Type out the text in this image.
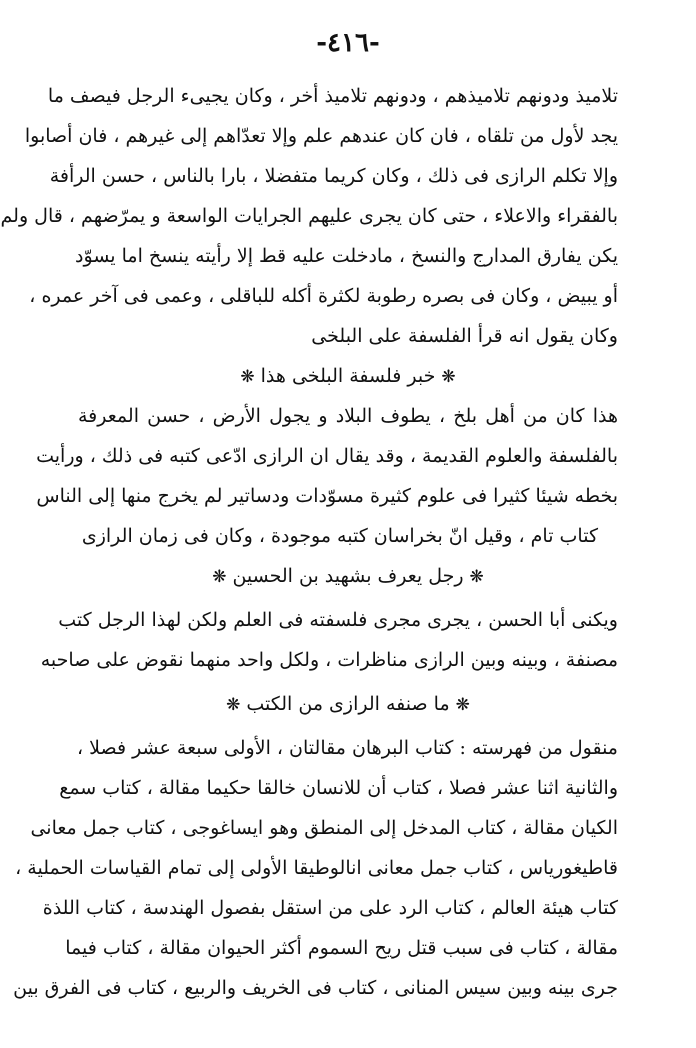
-٤١٦-
تلاميذ ودونهم تلاميذهم ، ودونهم تلاميذ أخر ، وكان يجيىء الرجل فيصف ما
يجد لأول من تلقاه ، فان كان عندهم علم وإلا تعدّاهم إلى غيرهم ، فان أصابوا
وإلا تكلم الرازى فى ذلك ، وكان كريما متفضلا ، بارا بالناس ، حسن الرأفة
بالفقراء والاعلاء ، حتى كان يجرى عليهم الجرايات الواسعة و يمرّضهم ، قال ولم
يكن يفارق المدارج والنسخ ، مادخلت عليه قط إلا رأيته ينسخ اما يسوّد
أو يبيض ، وكان فى بصره رطوبة لكثرة أكله للباقلى ، وعمى فى آخر عمره ،
وكان يقول انه قرأ الفلسفة على البلخى
❋خبر فلسفة البلخى هذا❋
هذا كان من أهل بلخ ، يطوف البلاد و يجول الأرض ، حسن المعرفة
بالفلسفة والعلوم القديمة ، وقد يقال ان الرازى ادّعى كتبه فى ذلك ، ورأيت
بخطه شيئا كثيرا فى علوم كثيرة مسوّدات ودساتير لم يخرج منها إلى الناس
كتاب تام ، وقيل انّ بخراسان كتبه موجودة ، وكان فى زمان الرازى
❋رجل يعرف بشهيد بن الحسين❋
ويكنى أبا الحسن ، يجرى مجرى فلسفته فى العلم ولكن لهذا الرجل كتب
مصنفة ، وبينه وبين الرازى مناظرات ، ولكل واحد منهما نقوض على صاحبه
❋ما صنفه الرازى من الكتب❋
منقول من فهرسته : كتاب البرهان مقالتان ، الأولى سبعة عشر فصلا ،
والثانية اثنا عشر فصلا ، كتاب أن للانسان خالقا حكيما مقالة ، كتاب سمع
الكيان مقالة ، كتاب المدخل إلى المنطق وهو ايساغوجى ، كتاب جمل معانى
قاطيغورياس ، كتاب جمل معانى انالوطيقا الأولى إلى تمام القياسات الحملية ،
كتاب هيئة العالم ، كتاب الرد على من استقل بفصول الهندسة ، كتاب اللذة
مقالة ، كتاب فى سبب قتل ريح السموم أكثر الحيوان مقالة ، كتاب فيما
جرى بينه وبين سيس المنانى ، كتاب فى الخريف والربيع ، كتاب فى الفرق بين
